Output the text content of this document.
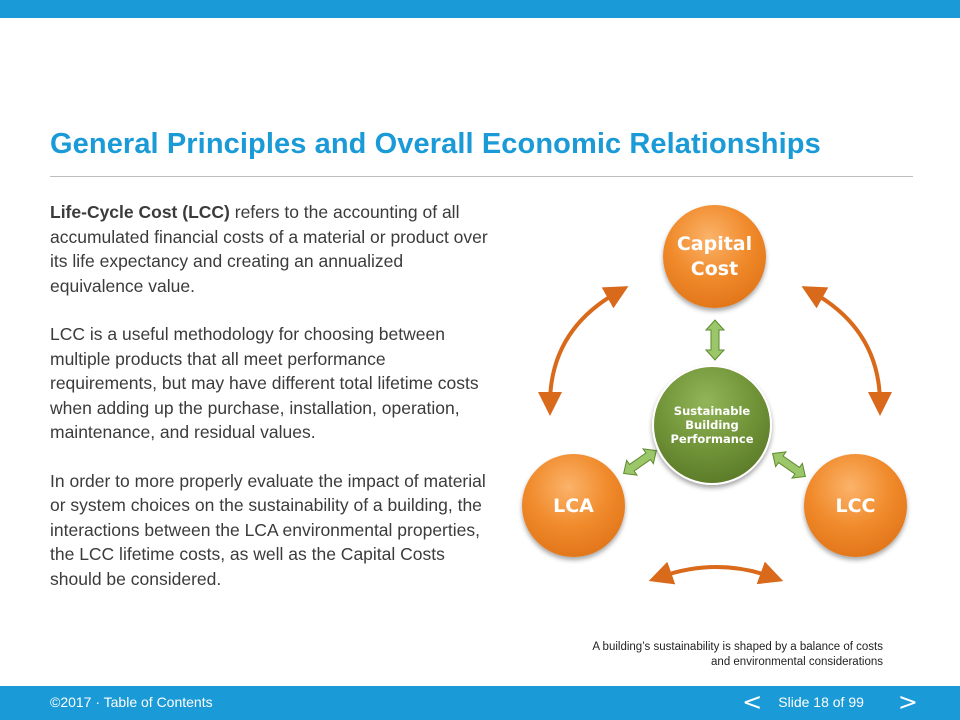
General Principles and Overall Economic Relationships

Life-Cycle Cost (LCC) refers to the accounting of all accumulated financial costs of a material or product over its life expectancy and creating an annualized equivalence value.

LCC is a useful methodology for choosing between multiple products that all meet performance requirements, but may have different total lifetime costs when adding up the purchase, installation, operation, maintenance, and residual values.

In order to more properly evaluate the impact of material or system choices on the sustainability of a building, the interactions between the LCA environmental properties, the LCC lifetime costs, as well as the Capital Costs should be considered.

Capital
Cost
LCA	LCC
Sustainable
Building
Performance
A building’s sustainability is shaped by a balance of costs
and environmental considerations
©2017 · Table of Contents	< Slide 18 of 99 >
